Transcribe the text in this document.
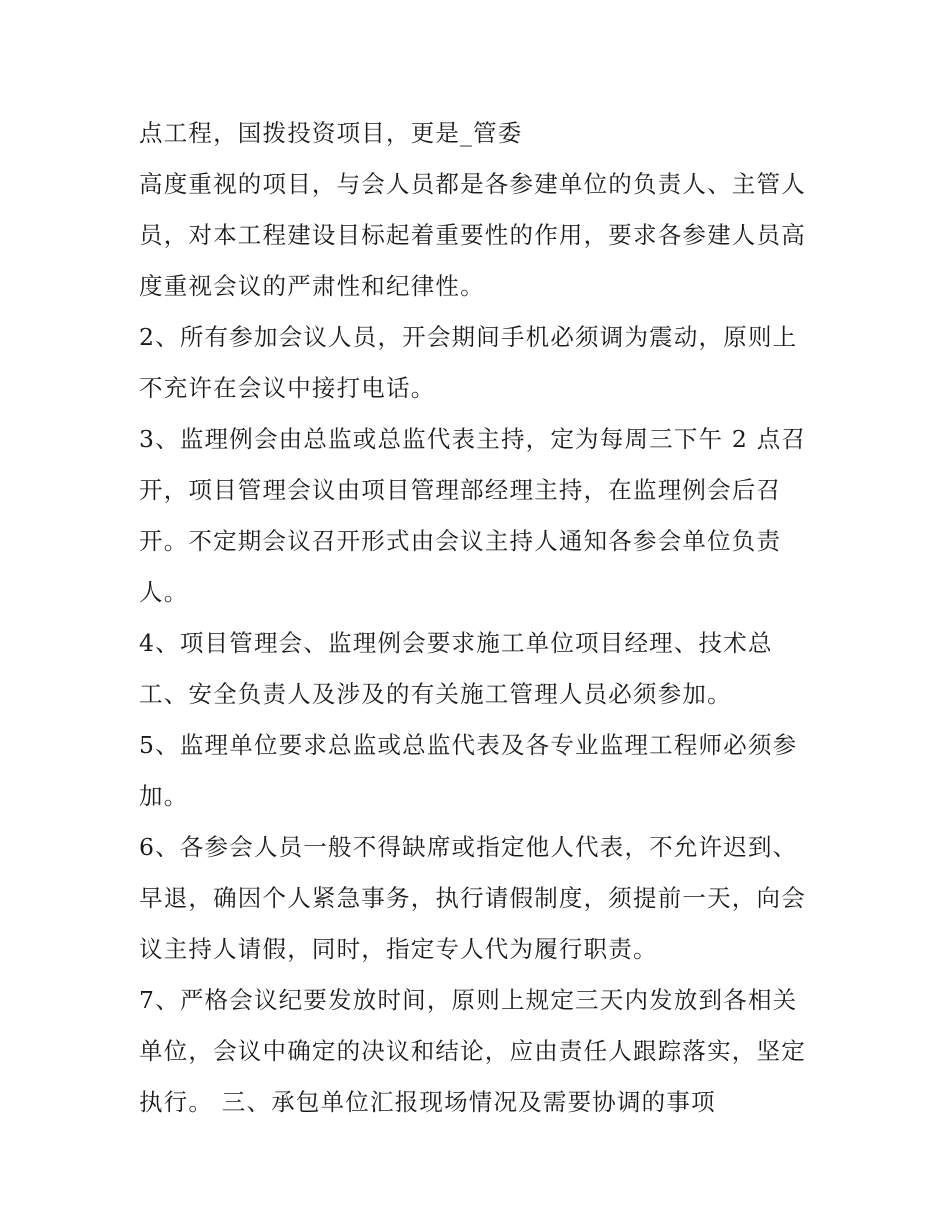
点工程，国拨投资项目，更是_管委
高度重视的项目，与会人员都是各参建单位的负责人、主管人
员，对本工程建设目标起着重要性的作用，要求各参建人员高
度重视会议的严肃性和纪律性。
2、所有参加会议人员，开会期间手机必须调为震动，原则上
不充许在会议中接打电话。
3、监理例会由总监或总监代表主持，定为每周三下午 2 点召
开，项目管理会议由项目管理部经理主持，在监理例会后召
开。不定期会议召开形式由会议主持人通知各参会单位负责
人。
4、项目管理会、监理例会要求施工单位项目经理、技术总
工、安全负责人及涉及的有关施工管理人员必须参加。
5、监理单位要求总监或总监代表及各专业监理工程师必须参
加。
6、各参会人员一般不得缺席或指定他人代表，不允许迟到、
早退，确因个人紧急事务，执行请假制度，须提前一天，向会
议主持人请假，同时，指定专人代为履行职责。
7、严格会议纪要发放时间，原则上规定三天内发放到各相关
单位，会议中确定的决议和结论，应由责任人跟踪落实，坚定
执行。 三、承包单位汇报现场情况及需要协调的事项
